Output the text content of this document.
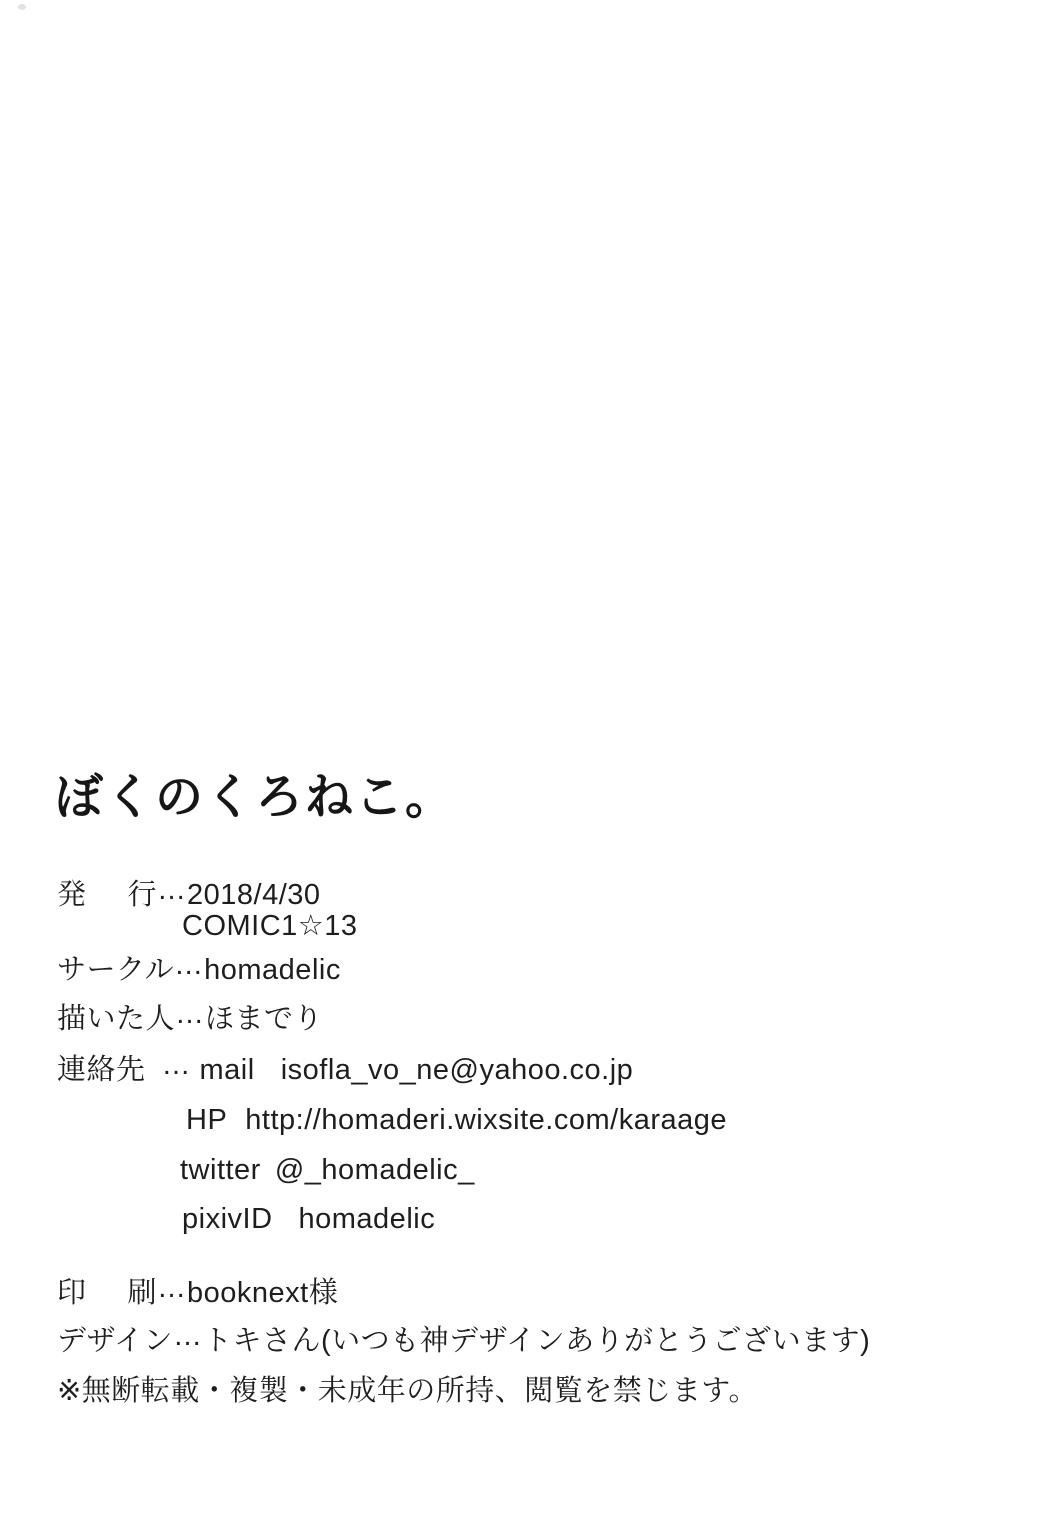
ぼくのくろねこ。
発 行 …2018/4/30
COMIC1☆13
サークル…homadelic
描いた人…ほまでり
連絡先 … mail isofla_vo_ne@yahoo.co.jp
HP http://homaderi.wixsite.com/karaage
twitter @_homadelic_
pixivID homadelic
印 刷 …booknext様
デザイン…トキさん(いつも神デザインありがとうございます)
※無断転載・複製・未成年の所持、閲覧を禁じます。
